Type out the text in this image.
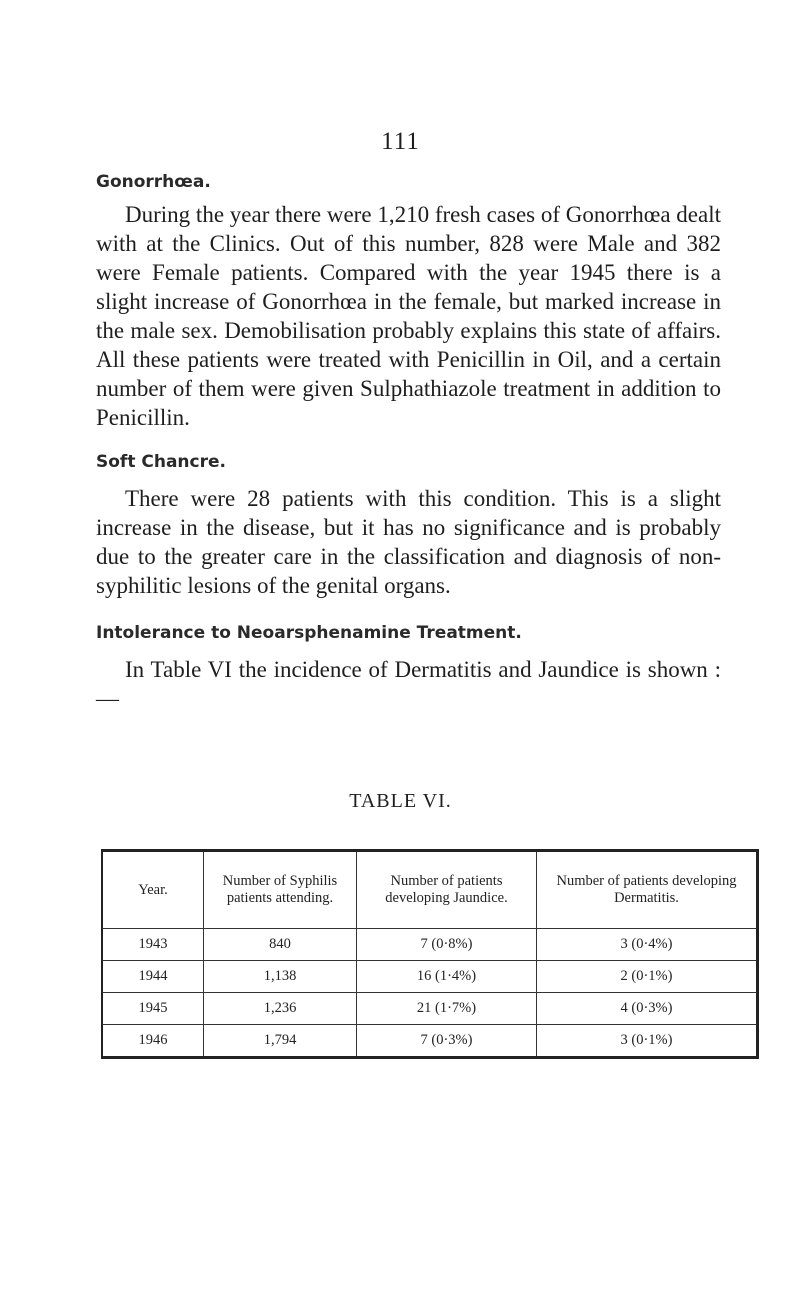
111
Gonorrhœa.

During the year there were 1,210 fresh cases of Gonorrhœa dealt with at the Clinics. Out of this number, 828 were Male and 382 were Female patients. Compared with the year 1945 there is a slight increase of Gonorrhœa in the female, but marked increase in the male sex. Demobilisation probably explains this state of affairs. All these patients were treated with Penicillin in Oil, and a certain number of them were given Sulphathiazole treatment in addition to Penicillin.

Soft Chancre.

There were 28 patients with this condition. This is a slight increase in the disease, but it has no significance and is probably due to the greater care in the classification and diagnosis of non-syphilitic lesions of the genital organs.

Intolerance to Neoarsphenamine Treatment.

In Table VI the incidence of Dermatitis and Jaundice is shown :—

TABLE VI.
Year.	Number of Syphilis patients attending.	Number of patients developing Jaundice.	Number of patients developing Dermatitis.
1943	840	7 (0·8%)	3 (0·4%)
1944	1,138	16 (1·4%)	2 (0·1%)
1945	1,236	21 (1·7%)	4 (0·3%)
1946	1,794	7 (0·3%)	3 (0·1%)
